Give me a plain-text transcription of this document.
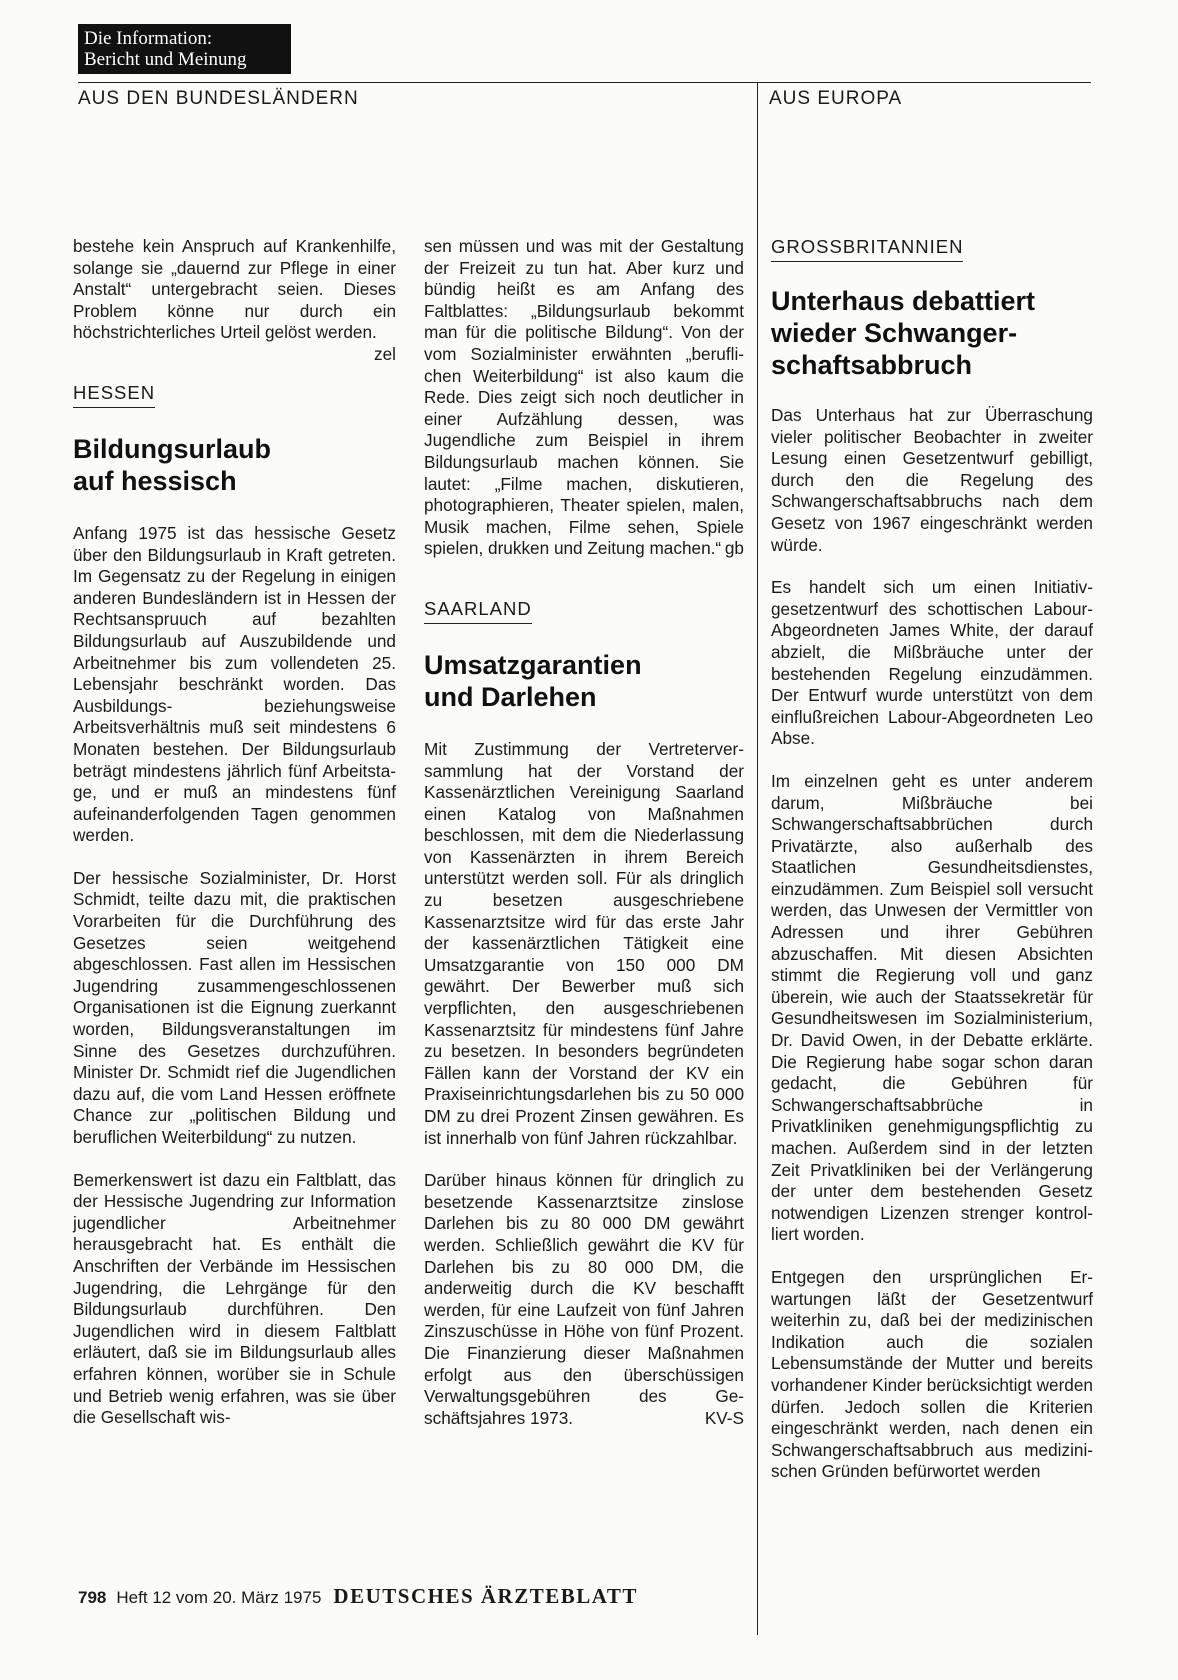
Die Information:
Bericht und Meinung
AUS DEN BUNDESLÄNDERN	AUS EUROPA

bestehe kein Anspruch auf Krankenhilfe, solange sie „dauernd zur Pflege in einer Anstalt“ untergebracht seien. Dieses Problem könne nur durch ein höchstrichterliches Urteil gelöst werden.
zel

HESSEN
Bildungsurlaub auf hessisch

Anfang 1975 ist das hessische Gesetz über den Bildungsurlaub in Kraft getreten. Im Gegensatz zu der Regelung in einigen anderen Bundesländern ist in Hessen der Rechtsanspruuch auf bezahlten Bildungsurlaub auf Auszubildende und Arbeitnehmer bis zum vollendeten 25. Lebensjahr beschränkt worden. Das Ausbildungs- beziehungsweise Arbeitsverhältnis muß seit mindestens 6 Monaten bestehen. Der Bildungsurlaub beträgt mindestens jährlich fünf Arbeitstage, und er muß an mindestens fünf aufeinanderfolgenden Tagen genommen werden.

Der hessische Sozialminister, Dr. Horst Schmidt, teilte dazu mit, die praktischen Vorarbeiten für die Durchführung des Gesetzes seien weitgehend abgeschlossen. Fast allen im Hessischen Jugendring zusammengeschlossenen Organisationen ist die Eignung zuerkannt worden, Bildungsveranstaltungen im Sinne des Gesetzes durchzuführen. Minister Dr. Schmidt rief die Jugendlichen dazu auf, die vom Land Hessen eröffnete Chance zur „politischen Bildung und beruflichen Weiterbildung“ zu nutzen.

Bemerkenswert ist dazu ein Faltblatt, das der Hessische Jugendring zur Information jugendlicher Arbeitnehmer herausgebracht hat. Es enthält die Anschriften der Verbände im Hessischen Jugendring, die Lehrgänge für den Bildungsurlaub durchführen. Den Jugendlichen wird in diesem Faltblatt erläutert, daß sie im Bildungsurlaub alles erfahren können, worüber sie in Schule und Betrieb wenig erfahren, was sie über die Gesellschaft wis-

sen müssen und was mit der Gestaltung der Freizeit zu tun hat. Aber kurz und bündig heißt es am Anfang des Faltblattes: „Bildungsurlaub bekommt man für die politische Bildung“. Von der vom Sozialminister erwähnten „beruflichen Weiterbildung“ ist also kaum die Rede. Dies zeigt sich noch deutlicher in einer Aufzählung dessen, was Jugendliche zum Beispiel in ihrem Bildungsurlaub machen können. Sie lautet: „Filme machen, diskutieren, photographieren, Theater spielen, malen, Musik machen, Filme sehen, Spiele spielen, drukken und Zeitung machen.“ gb

SAARLAND
Umsatzgarantien und Darlehen

Mit Zustimmung der Vertreterversammlung hat der Vorstand der Kassenärztlichen Vereinigung Saarland einen Katalog von Maßnahmen beschlossen, mit dem die Niederlassung von Kassenärzten in ihrem Bereich unterstützt werden soll. Für als dringlich zu besetzen ausgeschriebene Kassenarztsitze wird für das erste Jahr der kassenärztlichen Tätigkeit eine Umsatzgarantie von 150 000 DM gewährt. Der Bewerber muß sich verpflichten, den ausgeschriebenen Kassenarztsitz für mindestens fünf Jahre zu besetzen. In besonders begründeten Fällen kann der Vorstand der KV ein Praxiseinrichtungsdarlehen bis zu 50 000 DM zu drei Prozent Zinsen gewähren. Es ist innerhalb von fünf Jahren rückzahlbar.

Darüber hinaus können für dringlich zu besetzende Kassenarztsitze zinslose Darlehen bis zu 80 000 DM gewährt werden. Schließlich gewährt die KV für Darlehen bis zu 80 000 DM, die anderweitig durch die KV beschafft werden, für eine Laufzeit von fünf Jahren Zinszuschüsse in Höhe von fünf Prozent. Die Finanzierung dieser Maßnahmen erfolgt aus den überschüssigen Verwaltungsgebühren des Geschäftsjahres 1973.	KV-S

GROSSBRITANNIEN
Unterhaus debattiert wieder Schwangerschaftsabbruch

Das Unterhaus hat zur Überraschung vieler politischer Beobachter in zweiter Lesung einen Gesetzentwurf gebilligt, durch den die Regelung des Schwangerschaftsabbruchs nach dem Gesetz von 1967 eingeschränkt werden würde.

Es handelt sich um einen Initiativgesetzentwurf des schottischen Labour-Abgeordneten James White, der darauf abzielt, die Mißbräuche unter der bestehenden Regelung einzudämmen. Der Entwurf wurde unterstützt von dem einflußreichen Labour-Abgeordneten Leo Abse.

Im einzelnen geht es unter anderem darum, Mißbräuche bei Schwangerschaftsabbrüchen durch Privatärzte, also außerhalb des Staatlichen Gesundheitsdienstes, einzudämmen. Zum Beispiel soll versucht werden, das Unwesen der Vermittler von Adressen und ihrer Gebühren abzuschaffen. Mit diesen Absichten stimmt die Regierung voll und ganz überein, wie auch der Staatssekretär für Gesundheitswesen im Sozialministerium, Dr. David Owen, in der Debatte erklärte. Die Regierung habe sogar schon daran gedacht, die Gebühren für Schwangerschaftsabbrüche in Privatkliniken genehmigungspflichtig zu machen. Außerdem sind in der letzten Zeit Privatkliniken bei der Verlängerung der unter dem bestehenden Gesetz notwendigen Lizenzen strenger kontrolliert worden.

Entgegen den ursprünglichen Erwartungen läßt der Gesetzentwurf weiterhin zu, daß bei der medizinischen Indikation auch die sozialen Lebensumstände der Mutter und bereits vorhandener Kinder berücksichtigt werden dürfen. Jedoch sollen die Kriterien eingeschränkt werden, nach denen ein Schwangerschaftsabbruch aus medizinischen Gründen befürwortet werden

798 Heft 12 vom 20. März 1975 DEUTSCHES ÄRZTEBLATT
